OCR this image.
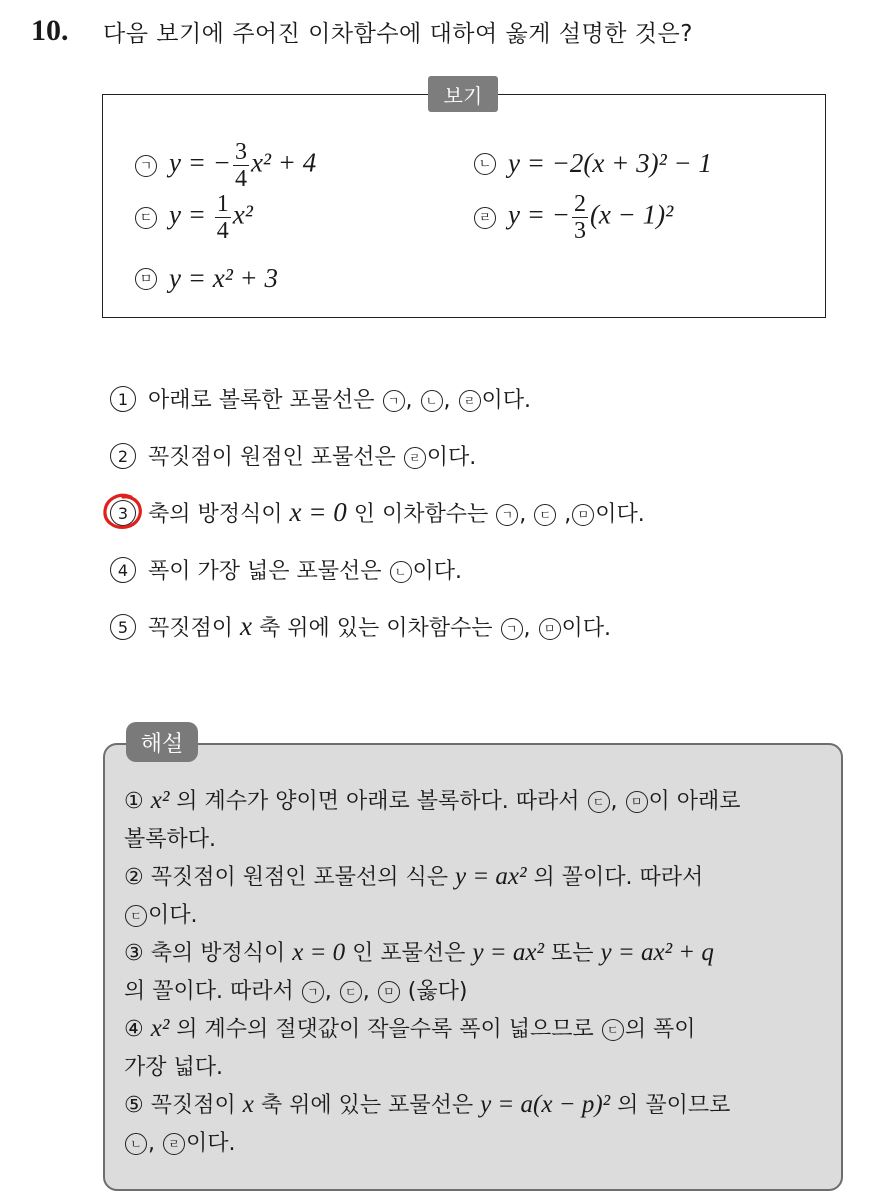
10. 다음 보기에 주어진 이차함수에 대하여 옳게 설명한 것은?
보기
ㄱ y = − $\frac{3}{4} x^2 + 4$	ㄴ y = −2(x + 3)² − 1
ㄷ $y = \frac{1}{4} x^2$	ㄹ y = − $\frac{2}{3} (x - 1)^2$
ㅁ y = x² + 3
1 아래로 볼록한 포물선은 ㄱ , ㄴ , ㄹ 이다.
2 꼭짓점이 원점인 포물선은 ㄹ 이다.
3 축의 방정식이 x = 0 인 이차함수는 ㄱ , ㄷ , ㅁ 이다.
4 폭이 가장 넓은 포물선은 ㄴ 이다.
5 꼭짓점이 x 축 위에 있는 이차함수는 ㄱ , ㅁ 이다.
해설
① x² 의 계수가 양이면 아래로 볼록하다. 따라서 ㄷ , ㅁ 이 아래로
볼록하다.
② 꼭짓점이 원점인 포물선의 식은 y = ax² 의 꼴이다. 따라서
ㄷ 이다.
③ 축의 방정식이 x = 0 인 포물선은 y = ax² 또는 y = ax² + q
의 꼴이다. 따라서 ㄱ , ㄷ , ㅁ (옳다)
④ x² 의 계수의 절댓값이 작을수록 폭이 넓으므로 ㄷ 의 폭이
가장 넓다.
⑤ 꼭짓점이 x 축 위에 있는 포물선은 y = a(x − p)² 의 꼴이므로
ㄴ , ㄹ 이다.
